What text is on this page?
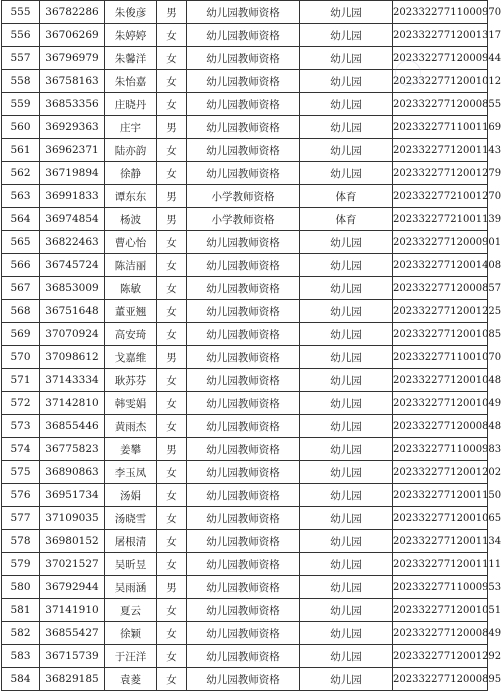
555	36782286	朱俊彦	男	幼儿园教师资格	幼儿园	20233227711000970
556	36706269	朱婷婷	女	幼儿园教师资格	幼儿园	20233227712001317
557	36796979	朱馨洋	女	幼儿园教师资格	幼儿园	20233227712000944
558	36758163	朱怡嘉	女	幼儿园教师资格	幼儿园	20233227712001012
559	36853356	庄晓丹	女	幼儿园教师资格	幼儿园	20233227712000855
560	36929363	庄宇	男	幼儿园教师资格	幼儿园	20233227711001169
561	36962371	陆亦韵	女	幼儿园教师资格	幼儿园	20233227712001143
562	36719894	徐静	女	幼儿园教师资格	幼儿园	20233227712001279
563	36991833	谭东东	男	小学教师资格	体育	20233227721001270
564	36974854	杨波	男	小学教师资格	体育	20233227721001139
565	36822463	曹心怡	女	幼儿园教师资格	幼儿园	20233227712000901
566	36745724	陈洁丽	女	幼儿园教师资格	幼儿园	20233227712001408
567	36853009	陈敏	女	幼儿园教师资格	幼儿园	20233227712000857
568	36751648	董亚翘	女	幼儿园教师资格	幼儿园	20233227712001225
569	37070924	高安琦	女	幼儿园教师资格	幼儿园	20233227712001085
570	37098612	戈嘉维	男	幼儿园教师资格	幼儿园	20233227711001070
571	37143334	耿苏芬	女	幼儿园教师资格	幼儿园	20233227712001048
572	37142810	韩雯娟	女	幼儿园教师资格	幼儿园	20233227712001049
573	36855446	黄雨杰	女	幼儿园教师资格	幼儿园	20233227712000848
574	36775823	姜攀	男	幼儿园教师资格	幼儿园	20233227711000983
575	36890863	李玉凤	女	幼儿园教师资格	幼儿园	20233227712001202
576	36951734	汤娟	女	幼儿园教师资格	幼儿园	20233227712001150
577	37109035	汤晓雪	女	幼儿园教师资格	幼儿园	20233227712001065
578	36980152	屠根清	女	幼儿园教师资格	幼儿园	20233227712001134
579	37021527	吴昕昱	女	幼儿园教师资格	幼儿园	20233227712001111
580	36792944	吴雨涵	男	幼儿园教师资格	幼儿园	20233227711000953
581	37141910	夏云	女	幼儿园教师资格	幼儿园	20233227712001051
582	36855427	徐颖	女	幼儿园教师资格	幼儿园	20233227712000849
583	36715739	于汪洋	女	幼儿园教师资格	幼儿园	20233227712001292
584	36829185	袁菱	女	幼儿园教师资格	幼儿园	20233227712000895
